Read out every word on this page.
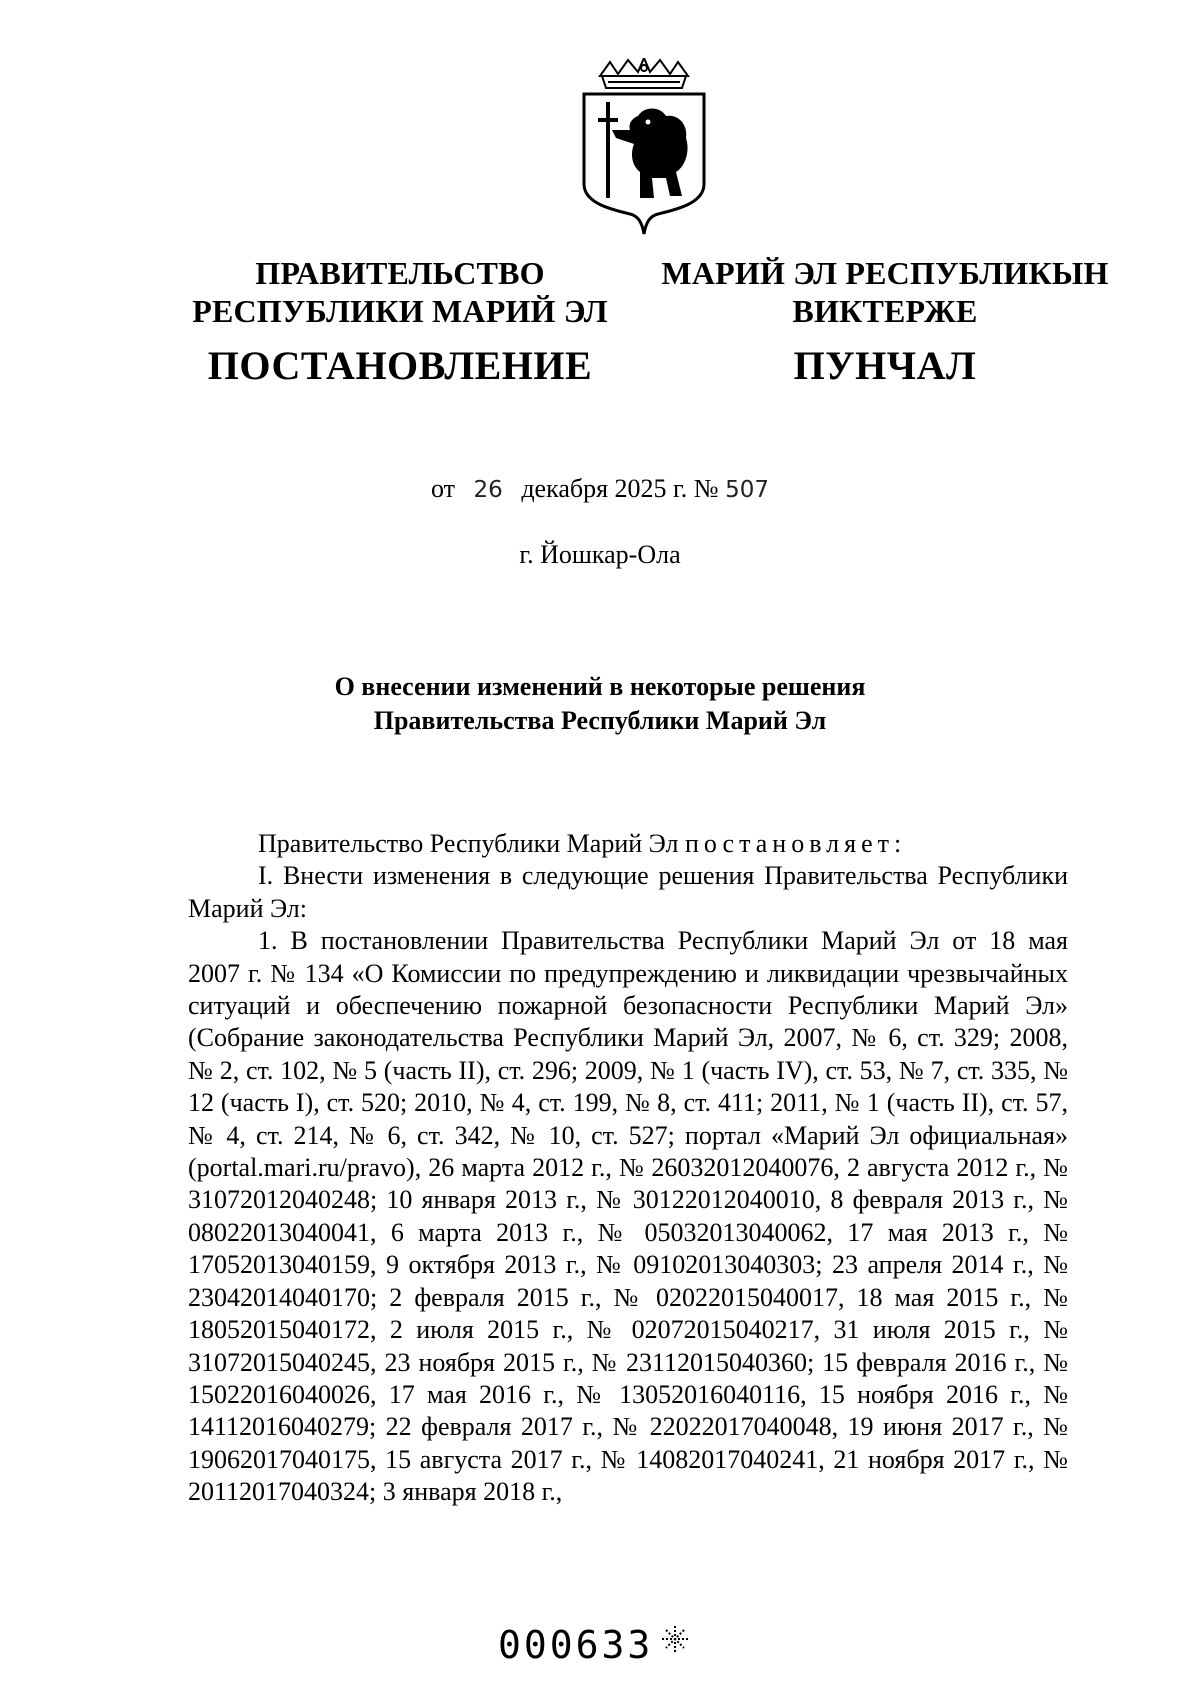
ПРАВИТЕЛЬСТВО
РЕСПУБЛИКИ МАРИЙ ЭЛ
ПОСТАНОВЛЕНИЕ
МАРИЙ ЭЛ РЕСПУБЛИКЫН
ВИКТЕРЖЕ
ПУНЧАЛ
от 26 декабря 2025 г. № 507
г. Йошкар-Ола
О внесении изменений в некоторые решения
Правительства Республики Марий Эл

Правительство Республики Марий Эл постановляет:

I. Внести изменения в следующие решения Правительства Республики Марий Эл:

1. В постановлении Правительства Республики Марий Эл от 18 мая 2007 г. № 134 «О Комиссии по предупреждению и ликвидации чрезвычайных ситуаций и обеспечению пожарной безопасности Республики Марий Эл» (Собрание законодательства Республики Марий Эл, 2007, № 6, ст. 329; 2008, № 2, ст. 102, № 5 (часть II), ст. 296; 2009, № 1 (часть IV), ст. 53, № 7, ст. 335, № 12 (часть I), ст. 520; 2010, № 4, ст. 199, № 8, ст. 411; 2011, № 1 (часть II), ст. 57, № 4, ст. 214, № 6, ст. 342, № 10, ст. 527; портал «Марий Эл официальная» (portal.mari.ru/pravo), 26 марта 2012 г., № 26032012040076, 2 августа 2012 г., № 31072012040248; 10 января 2013 г., № 30122012040010, 8 февраля 2013 г., № 08022013040041, 6 марта 2013 г., № 05032013040062, 17 мая 2013 г., № 17052013040159, 9 октября 2013 г., № 09102013040303; 23 апреля 2014 г., № 23042014040170; 2 февраля 2015 г., № 02022015040017, 18 мая 2015 г., № 18052015040172, 2 июля 2015 г., № 02072015040217, 31 июля 2015 г., № 31072015040245, 23 ноября 2015 г., № 23112015040360; 15 февраля 2016 г., № 15022016040026, 17 мая 2016 г., № 13052016040116, 15 ноября 2016 г., № 14112016040279; 22 февраля 2017 г., № 22022017040048, 19 июня 2017 г., № 19062017040175, 15 августа 2017 г., № 14082017040241, 21 ноября 2017 г., № 20112017040324; 3 января 2018 г.,

000633
